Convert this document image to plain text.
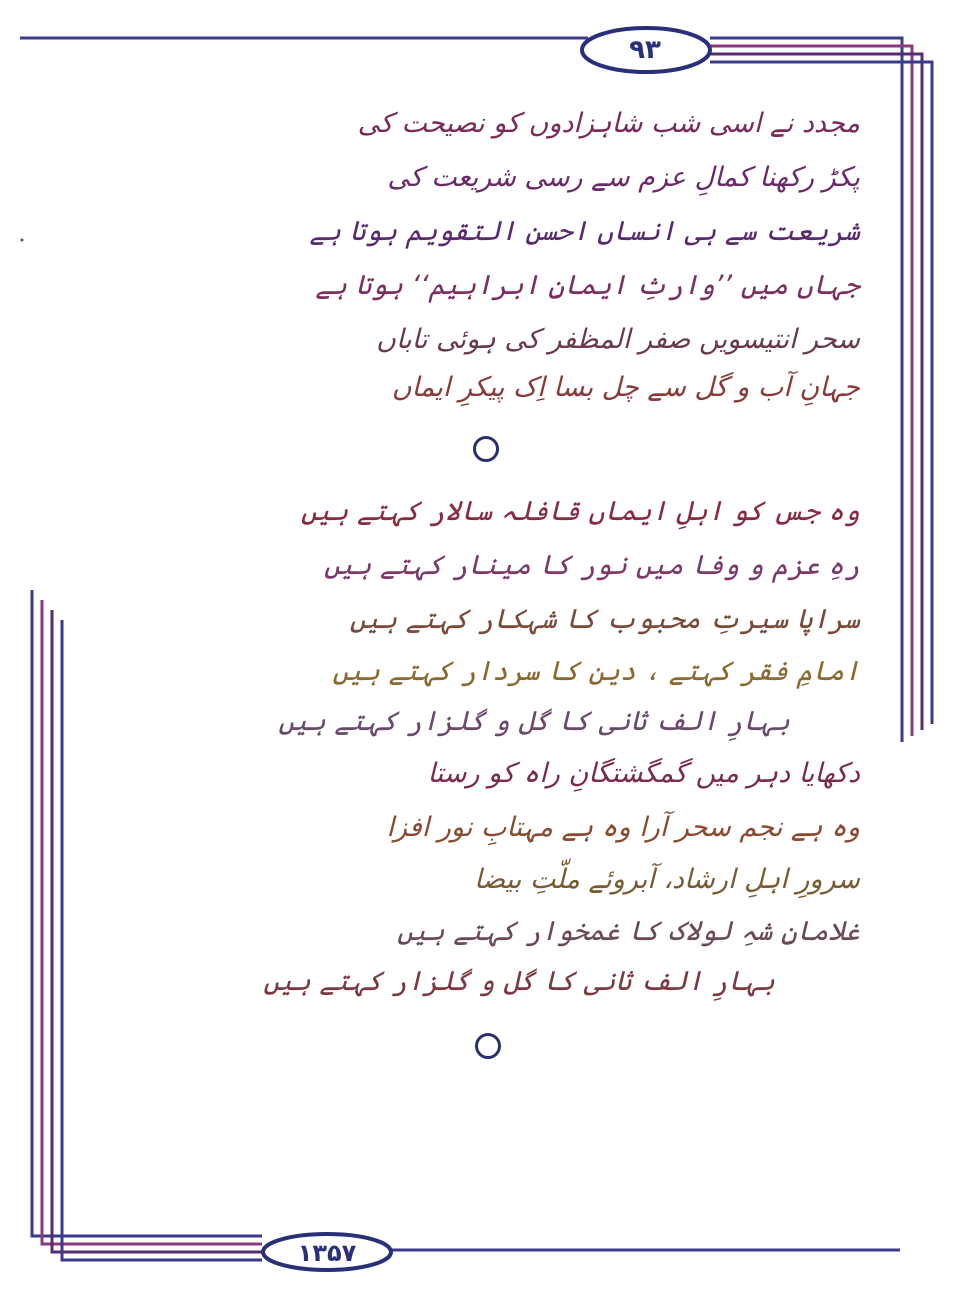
۹۳
۱۳۵۷
مجدد نے اسی شب شاہزادوں کو نصیحت کی
پکڑ رکھنا کمالِ عزم سے رسی شریعت کی
شریعت سے ہی انساں احسن التقویم ہوتا ہے
جہاں میں ’’وارثِ ایمانِ ابراہیم‘‘ ہوتا ہے
سحر انتیسویں صفر المظفر کی ہوئی تاباں
جہانِ آب و گل سے چل بسا اِک پیکرِ ایماں
وہ جس کو اہلِ ایماں قافلہ سالار کہتے ہیں
رہِ عزم و وفا میں نور کا مینار کہتے ہیں
سراپا سیرتِ محبوب کا شہکار کہتے ہیں
امامِ فقر کہتے ، دین کا سردار کہتے ہیں
بہارِ الف ثانی کا گل و گلزار کہتے ہیں
دکھایا دہر میں گمگشتگانِ راہ کو رستا
وہ ہے نجم سحر آرا وہ ہے مہتابِ نور افزا
سرورِ اہلِ ارشاد، آبروئے ملّتِ بیضا
غلامانِ شہِ لولاک کا غمخوار کہتے ہیں
بہارِ الف ثانی کا گل و گلزار کہتے ہیں
